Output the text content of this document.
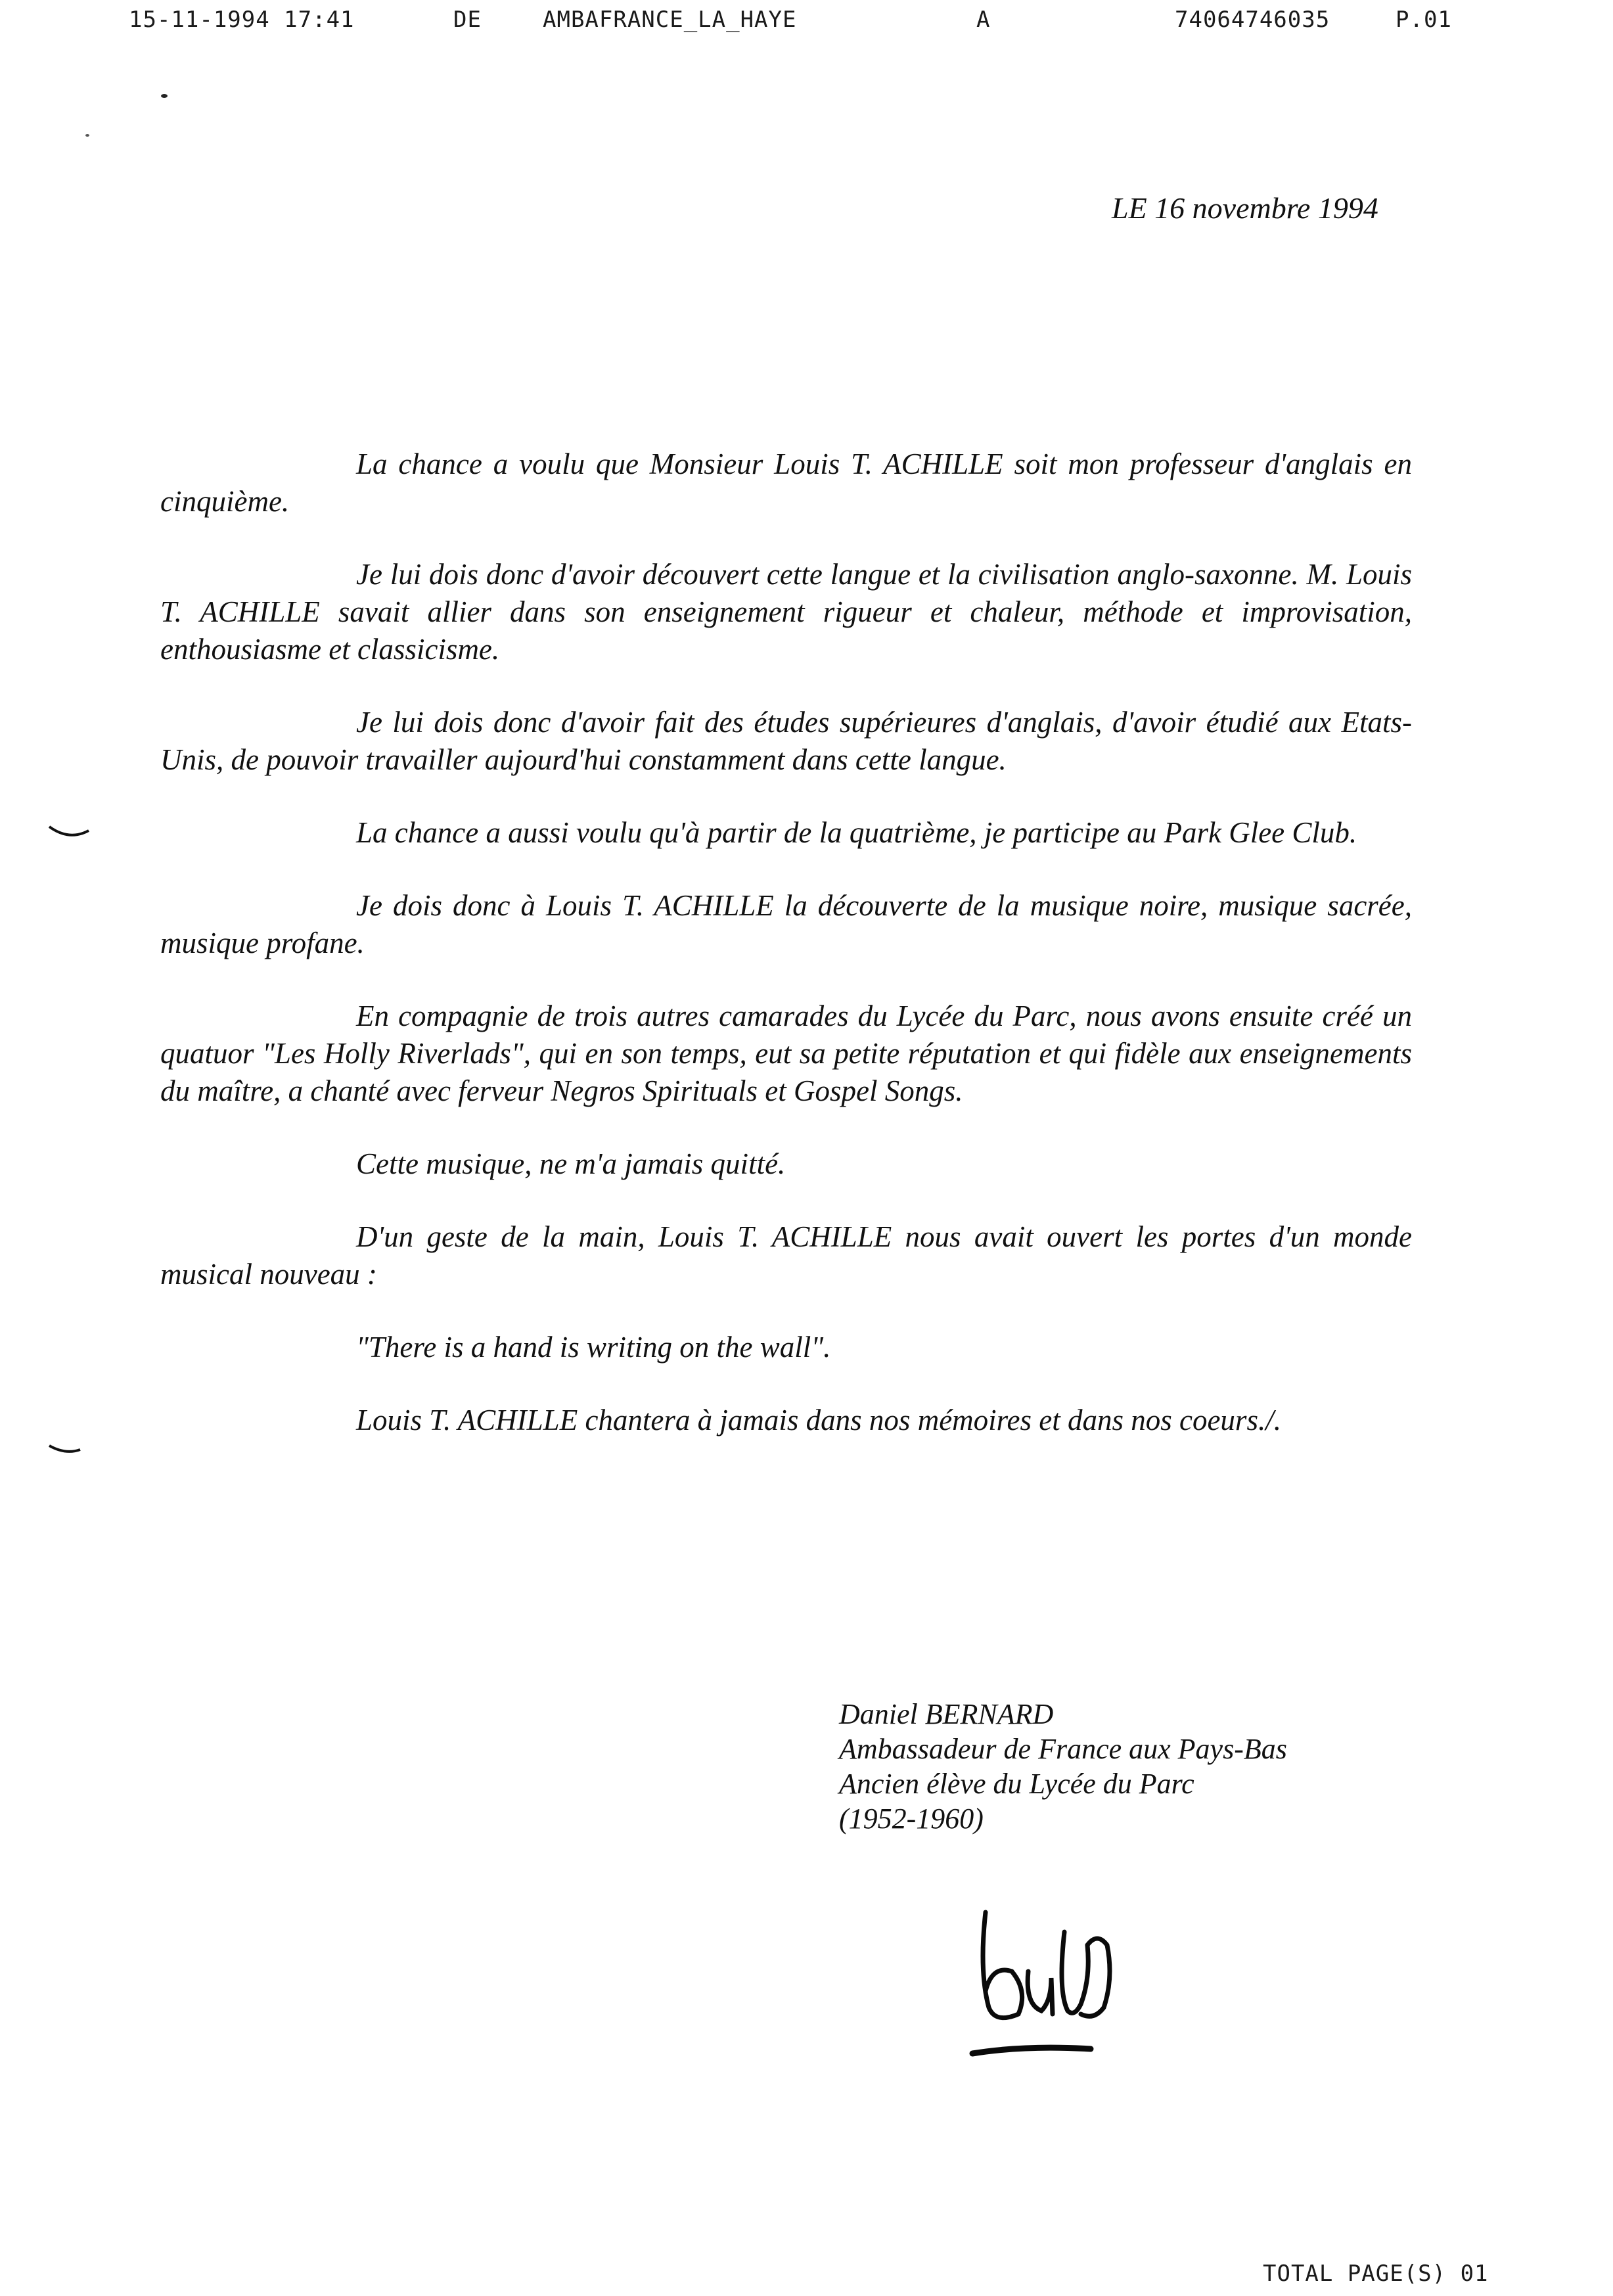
15-11-1994 17:41	DE	AMBAFRANCE_LA_HAYE	A	74064746035	P.01
LE 16 novembre 1994

La chance a voulu que Monsieur Louis T. ACHILLE soit mon professeur d'anglais en cinquième.

Je lui dois donc d'avoir découvert cette langue et la civilisation anglo-saxonne. M. Louis T. ACHILLE savait allier dans son enseignement rigueur et chaleur, méthode et improvisation, enthousiasme et classicisme.

Je lui dois donc d'avoir fait des études supérieures d'anglais, d'avoir étudié aux Etats-Unis, de pouvoir travailler aujourd'hui constamment dans cette langue.

La chance a aussi voulu qu'à partir de la quatrième, je participe au Park Glee Club.

Je dois donc à Louis T. ACHILLE la découverte de la musique noire, musique sacrée, musique profane.

En compagnie de trois autres camarades du Lycée du Parc, nous avons ensuite créé un quatuor "Les Holly Riverlads", qui en son temps, eut sa petite réputation et qui fidèle aux enseignements du maître, a chanté avec ferveur Negros Spirituals et Gospel Songs.

Cette musique, ne m'a jamais quitté.

D'un geste de la main, Louis T. ACHILLE nous avait ouvert les portes d'un monde musical nouveau :

"There is a hand is writing on the wall".

Louis T. ACHILLE chantera à jamais dans nos mémoires et dans nos coeurs./.

Daniel BERNARD
Ambassadeur de France aux Pays-Bas
Ancien élève du Lycée du Parc
(1952-1960)
TOTAL PAGE(S) 01
